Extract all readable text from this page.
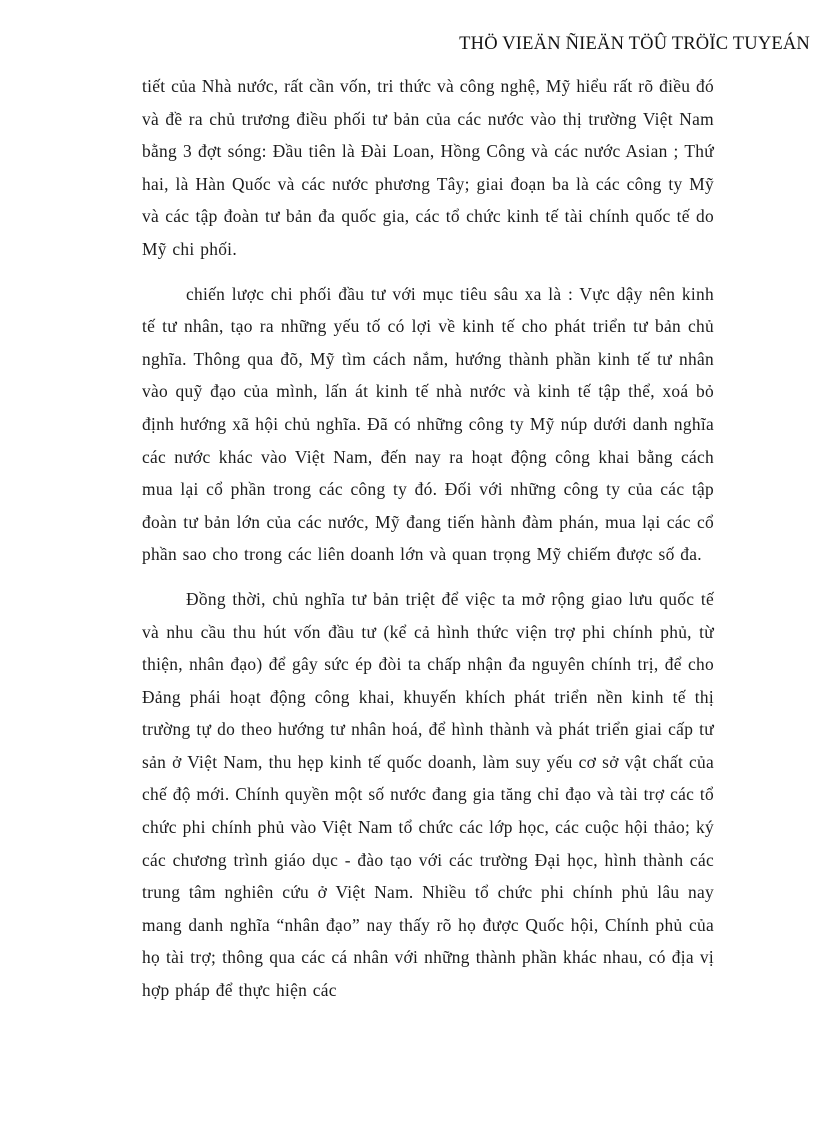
THÖ VIEÄN ÑIEÄN TÖÛ TRÖÏC TUYEÁN

tiết của Nhà nước, rất cần vốn, tri thức và công nghệ, Mỹ hiểu rất rõ điều đó và đề ra chủ trương điều phối tư bản của các nước vào thị trường Việt Nam bằng 3 đợt sóng: Đầu tiên là Đài Loan, Hồng Công và các nước Asian ; Thứ hai, là Hàn Quốc và các nước phương Tây; giai đoạn ba là các công ty Mỹ và các tập đoàn tư bản đa quốc gia, các tổ chức kinh tế tài chính quốc tế do Mỹ chi phối.

chiến lược chi phối đầu tư với mục tiêu sâu xa là : Vực dậy nên kinh tế tư nhân, tạo ra những yếu tố có lợi về kinh tế cho phát triển tư bản chủ nghĩa. Thông qua đõ, Mỹ tìm cách nắm, hướng thành phần kinh tế tư nhân vào quỹ đạo của mình, lấn át kinh tế nhà nước và kinh tế tập thể, xoá bỏ định hướng xã hội chủ nghĩa. Đã có những công ty Mỹ núp dưới danh nghĩa các nước khác vào Việt Nam, đến nay ra hoạt động công khai bằng cách mua lại cổ phần trong các công ty đó. Đối với những công ty của các tập đoàn tư bản lớn của các nước, Mỹ đang tiến hành đàm phán, mua lại các cổ phần sao cho trong các liên doanh lớn và quan trọng Mỹ chiếm được số đa.

Đồng thời, chủ nghĩa tư bản triệt để việc ta mở rộng giao lưu quốc tế và nhu cầu thu hút vốn đầu tư (kể cả hình thức viện trợ phi chính phủ, từ thiện, nhân đạo) để gây sức ép đòi ta chấp nhận đa nguyên chính trị, để cho Đảng phái hoạt động công khai, khuyến khích phát triển nền kinh tế thị trường tự do theo hướng tư nhân hoá, để hình thành và phát triển giai cấp tư sản ở Việt Nam, thu hẹp kinh tế quốc doanh, làm suy yếu cơ sở vật chất của chế độ mới. Chính quyền một số nước đang gia tăng chỉ đạo và tài trợ các tổ chức phi chính phủ vào Việt Nam tổ chức các lớp học, các cuộc hội thảo; ký các chương trình giáo dục - đào tạo với các trường Đại học, hình thành các trung tâm nghiên cứu ở Việt Nam. Nhiều tổ chức phi chính phủ lâu nay mang danh nghĩa “nhân đạo” nay thấy rõ họ được Quốc hội, Chính phủ của họ tài trợ; thông qua các cá nhân với những thành phần khác nhau, có địa vị hợp pháp để thực hiện các
